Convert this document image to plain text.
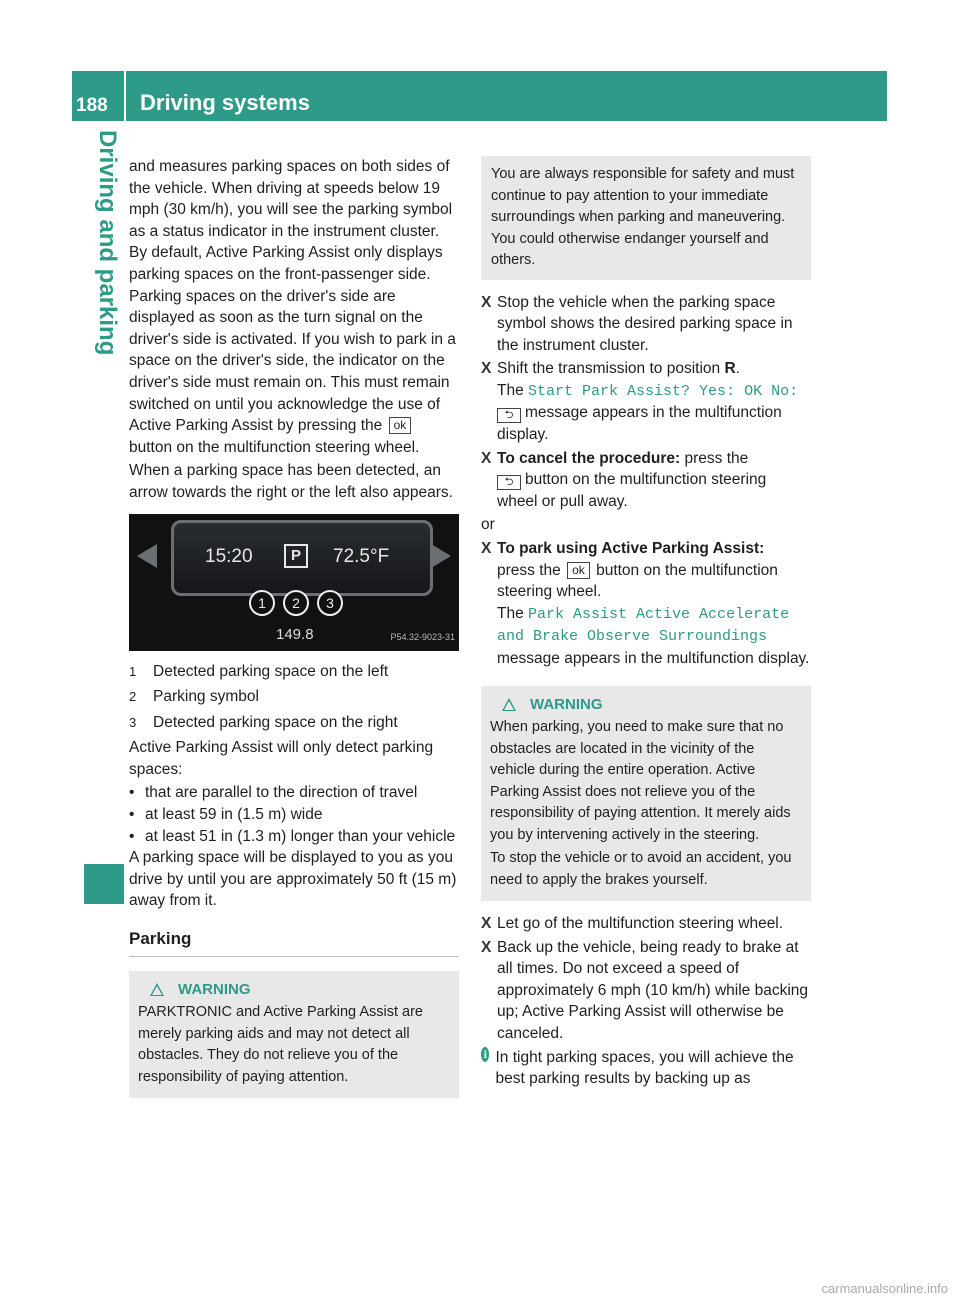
188	Driving systems
Driving and parking and measures parking spaces on both sides of the vehicle. When driving at speeds below 19 mph (30 km/h), you will see the parking symbol as a status indicator in the instrument cluster. By default, Active Parking Assist only displays parking spaces on the front-passenger side. Parking spaces on the driver's side are displayed as soon as the turn signal on the driver's side is activated. If you wish to park in a space on the driver's side, the indicator on the driver's side must remain on. This must remain switched on until you acknowledge the use of Active Parking Assist by pressing the ok button on the multifunction steering wheel.

When a parking space has been detected, an arrow towards the right or the left also appears.

15:20	P	72.5°F
1	2	3
149.8	P54.32-9023-31
1	Detected parking space on the left
2	Parking symbol
3	Detected parking space on the right

Active Parking Assist will only detect parking spaces:

• that are parallel to the direction of travel
• at least 59 in (1.5 m) wide
• at least 51 in (1.3 m) longer than your vehicle

A parking space will be displayed to you as you drive by until you are approximately 50 ft (15 m) away from it.

Parking
WARNING
PARKTRONIC and Active Parking Assist are merely parking aids and may not detect all obstacles. They do not relieve you of the responsibility of paying attention.
You are always responsible for safety and must continue to pay attention to your immediate surroundings when parking and maneuvering. You could otherwise endanger yourself and others.
X Stop the vehicle when the parking space symbol shows the desired parking space in the instrument cluster.
X Shift the transmission to position R.
The Start Park Assist? Yes: OK No:
⮌ message appears in the multifunction display.
X To cancel the procedure: press the
⮌ button on the multifunction steering wheel or pull away.

or

X To park using Active Parking Assist:
press the ok button on the multifunction steering wheel.
The Park Assist Active Accelerate and Brake Observe Surroundings
message appears in the multifunction display.
WARNING
When parking, you need to make sure that no obstacles are located in the vicinity of the vehicle during the entire operation. Active Parking Assist does not relieve you of the responsibility of paying attention. It merely aids you by intervening actively in the steering.
To stop the vehicle or to avoid an accident, you need to apply the brakes yourself.
X Let go of the multifunction steering wheel.
X Back up the vehicle, being ready to brake at all times. Do not exceed a speed of approximately 6 mph (10 km/h) while backing up; Active Parking Assist will otherwise be canceled.
i In tight parking spaces, you will achieve the best parking results by backing up as
carmanualsonline.info
